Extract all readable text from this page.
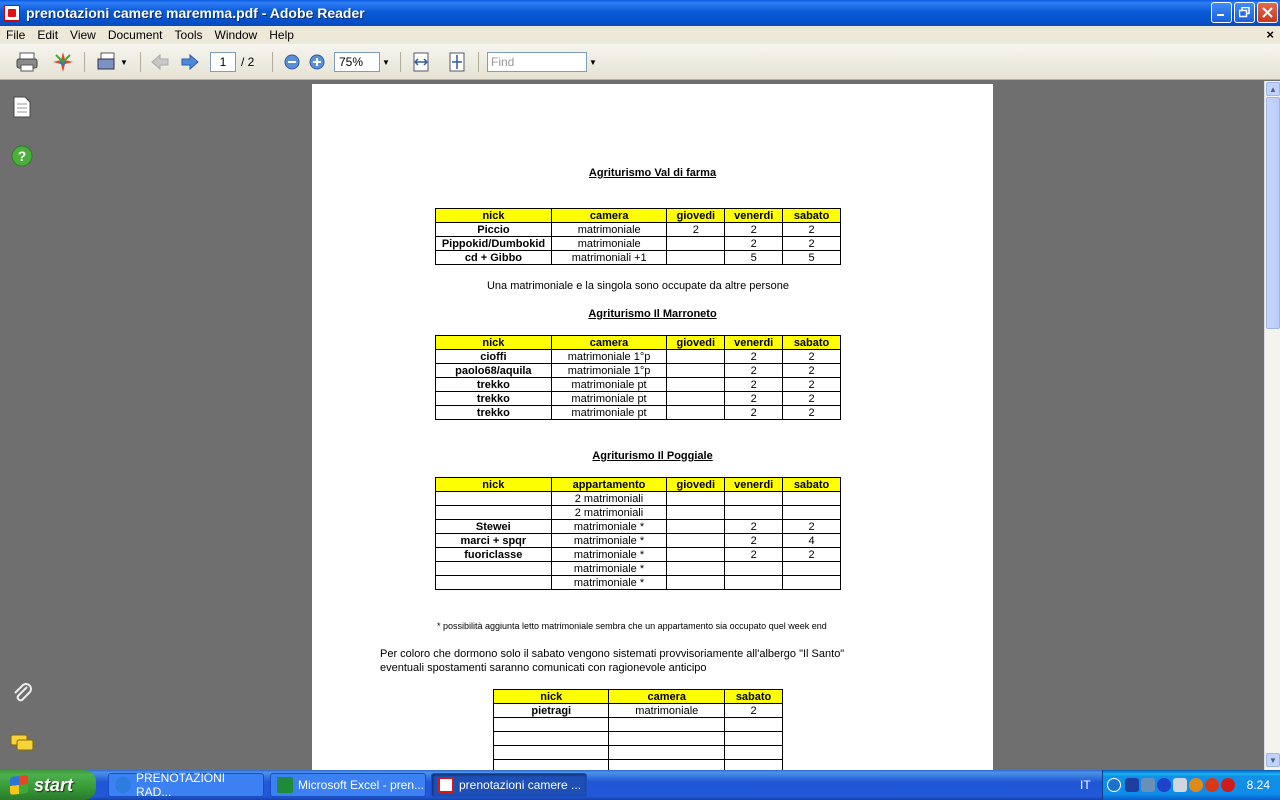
prenotazioni camere maremma.pdf - Adobe Reader
File	Edit	View	Document	Tools	Window	Help	×
▼	1	/ 2	75%	▼	Find	▼
?
Agriturismo Val di farma
nick	camera	giovedi	venerdi	sabato
Piccio	matrimoniale	2	2	2
Pippokid/Dumbokid	matrimoniale		2	2
cd + Gibbo	matrimoniali +1		5	5
Una matrimoniale e la singola sono occupate da altre persone
Agriturismo Il Marroneto
nick	camera	giovedi	venerdi	sabato
cioffi	matrimoniale 1°p		2	2
paolo68/aquila	matrimoniale 1°p		2	2
trekko	matrimoniale pt		2	2
trekko	matrimoniale pt		2	2
trekko	matrimoniale pt		2	2
Agriturismo Il Poggiale
nick	appartamento	giovedi	venerdi	sabato
	2 matrimoniali			
	2 matrimoniali			
Stewei	matrimoniale *		2	2
marci + spqr	matrimoniale *		2	4
fuoriclasse	matrimoniale *		2	2
	matrimoniale *			
	matrimoniale *			
* possibilità aggiunta letto matrimoniale sembra che un appartamento sia occupato quel week end
Per coloro che dormono solo il sabato vengono sistemati provvisoriamente all'albergo "Il Santo"
eventuali spostamenti saranno comunicati con ragionevole anticipo
nick	camera	sabato
pietragi	matrimoniale	2

▲
▼
start	PRENOTAZIONI RAD...	Microsoft Excel - pren...	prenotazioni camere ...	IT	8.24
